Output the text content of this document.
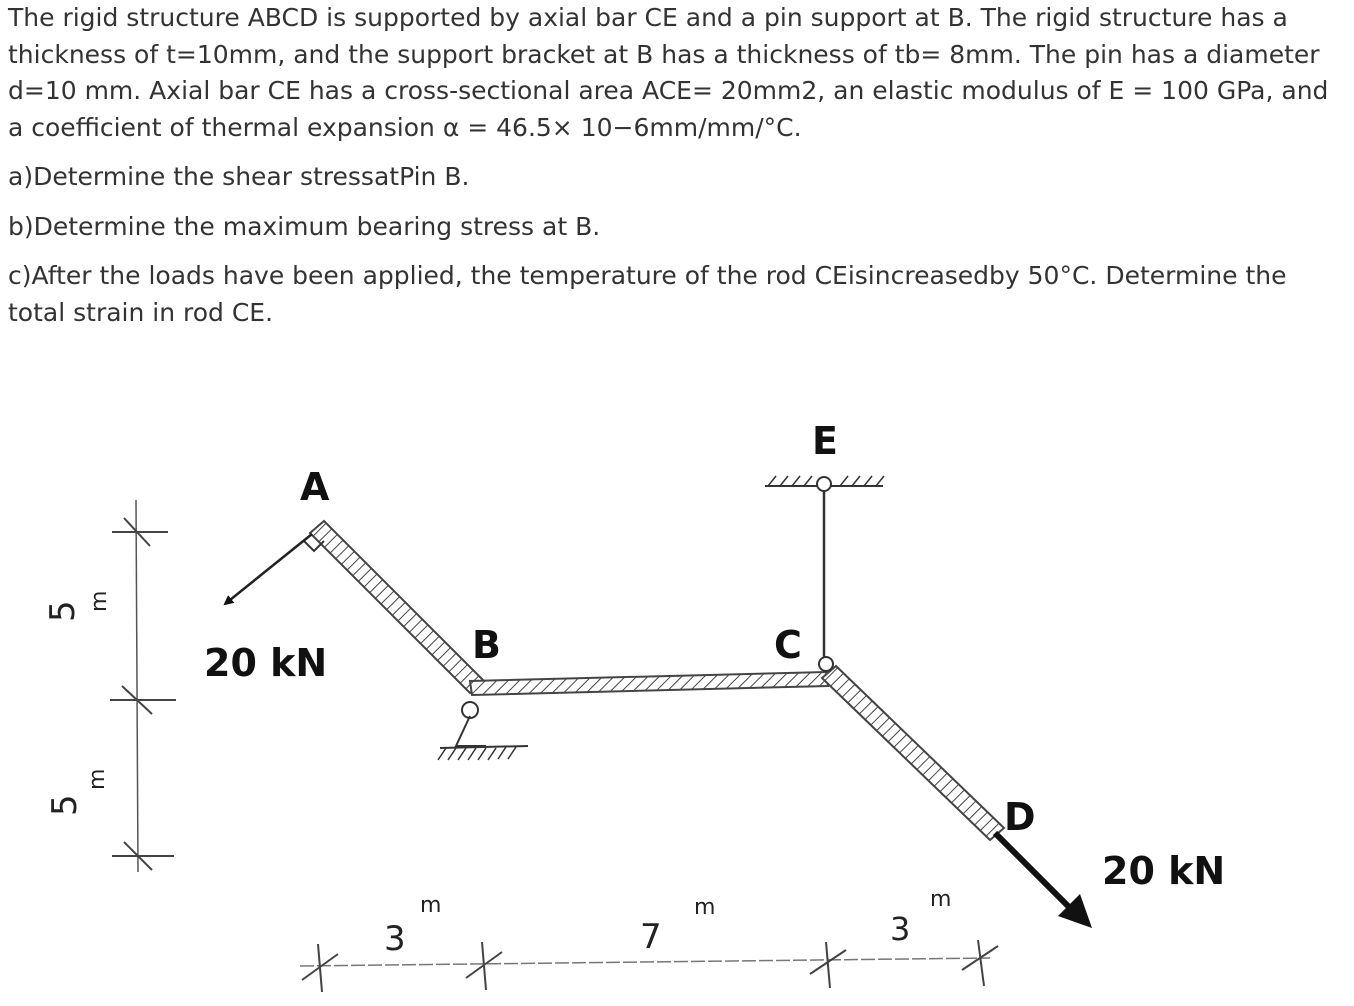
The rigid structure ABCD is supported by axial bar CE and a pin support at B. The rigid structure has a thickness of t=10mm, and the support bracket at B has a thickness of tb= 8mm. The pin has a diameter d=10 mm. Axial bar CE has a cross-sectional area ACE= 20mm2, an elastic modulus of E = 100 GPa, and a coefficient of thermal expansion α = 46.5× 10−6mm/mm/°C.

a)Determine the shear stressatPin B.

b)Determine the maximum bearing stress at B.

c)After the loads have been applied, the temperature of the rod CEisincreasedby 50°C. Determine the total strain in rod CE.

A
B	C
D
E
20 kN
20 kN
5 m
5
m
3
m
7
m
3
m
